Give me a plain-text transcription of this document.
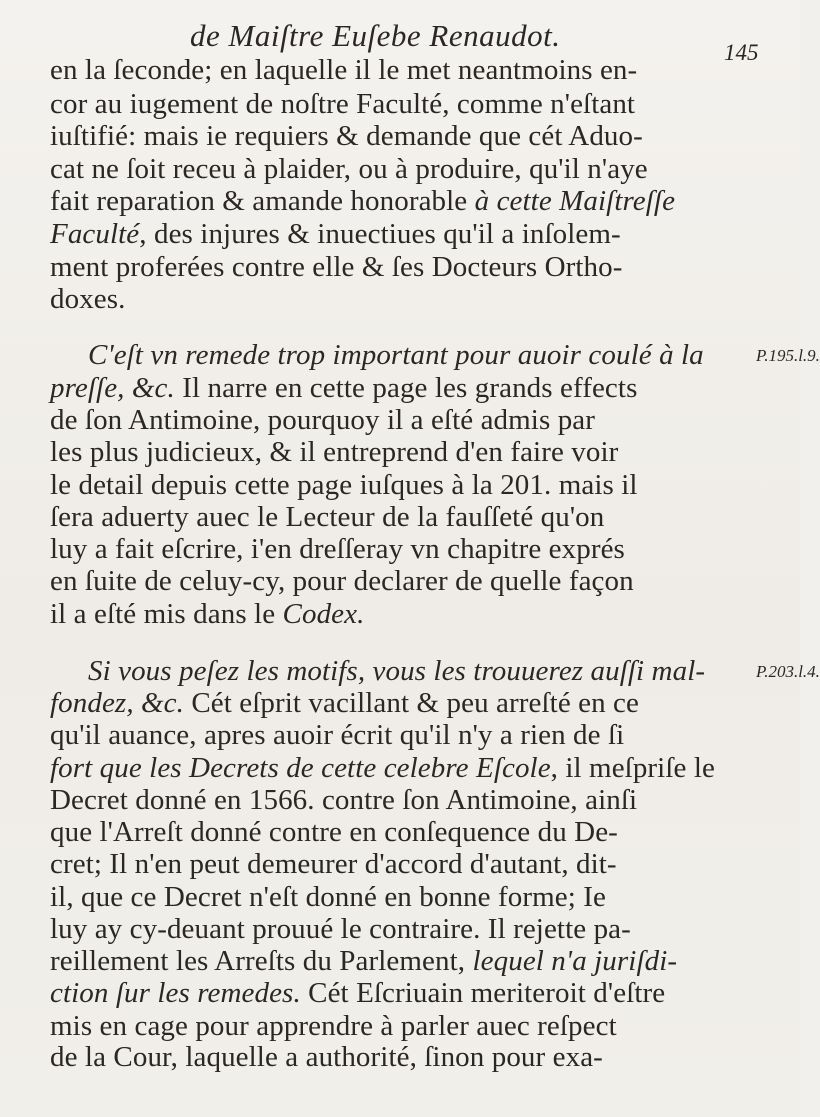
de Maiſtre Euſebe Renaudot.	145
en la ſeconde; en laquelle il le met neantmoins en-
cor au iugement de noſtre Faculté, comme n'eſtant
iuſtifié: mais ie requiers & demande que cét Aduo-
cat ne ſoit receu à plaider, ou à produire, qu'il n'aye
fait reparation & amande honorable à cette Maiſtreſſe
Faculté, des injures & inuectiues qu'il a inſolem-
ment proferées contre elle & ſes Docteurs Ortho-
doxes.
C'eſt vn remede trop important pour auoir coulé à la
preſſe, &c. Il narre en cette page les grands effects
de ſon Antimoine, pourquoy il a eſté admis par
les plus judicieux, & il entreprend d'en faire voir
le detail depuis cette page iuſques à la 201. mais il
ſera aduerty auec le Lecteur de la fauſſeté qu'on
luy a fait eſcrire, i'en dreſſeray vn chapitre exprés
en ſuite de celuy-cy, pour declarer de quelle façon
il a eſté mis dans le Codex.
P.195.l.9.
Si vous peſez les motifs, vous les trouuerez auſſi mal-
fondez, &c. Cét eſprit vacillant & peu arreſté en ce
qu'il auance, apres auoir écrit qu'il n'y a rien de ſi
fort que les Decrets de cette celebre Eſcole, il meſpriſe le
Decret donné en 1566. contre ſon Antimoine, ainſi
que l'Arreſt donné contre en conſequence du De-
cret; Il n'en peut demeurer d'accord d'autant, dit-
il, que ce Decret n'eſt donné en bonne forme; Ie
luy ay cy-deuant prouué le contraire. Il rejette pa-
reillement les Arreſts du Parlement, lequel n'a juriſdi-
ction ſur les remedes. Cét Eſcriuain meriteroit d'eſtre
mis en cage pour apprendre à parler auec reſpect
de la Cour, laquelle a authorité, ſinon pour exa-
P.203.l.4.
